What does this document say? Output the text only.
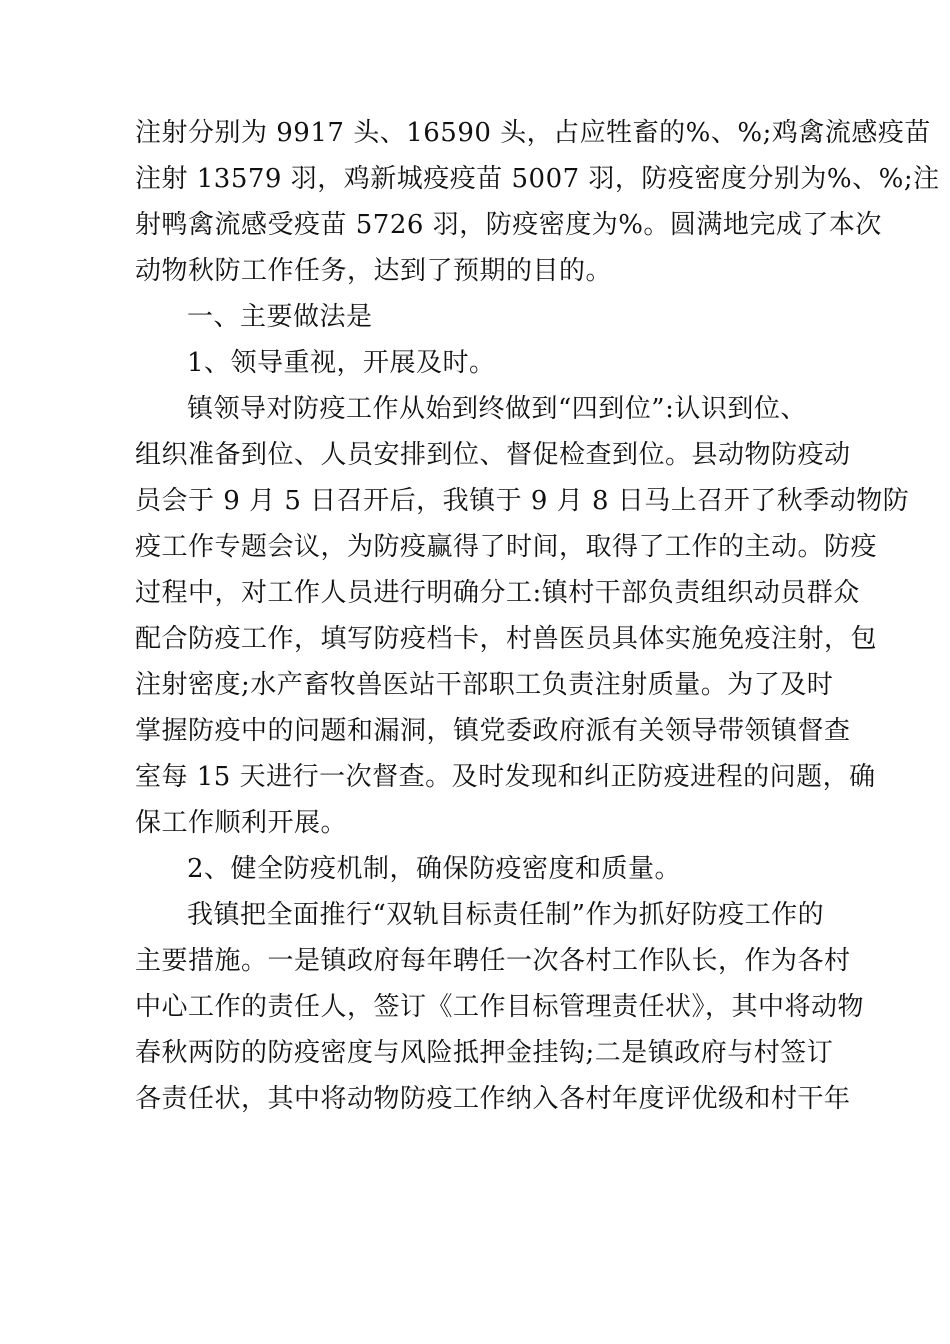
注射分别为 9917 头、16590 头，占应牲畜的%、%;鸡禽流感疫苗
注射 13579 羽，鸡新城疫疫苗 5007 羽，防疫密度分别为%、%;注
射鸭禽流感受疫苗 5726 羽，防疫密度为%。圆满地完成了本次
动物秋防工作任务，达到了预期的目的。
一、主要做法是
1、领导重视，开展及时。
镇领导对防疫工作从始到终做到“四到位”:认识到位、
组织准备到位、人员安排到位、督促检查到位。县动物防疫动
员会于 9 月 5 日召开后，我镇于 9 月 8 日马上召开了秋季动物防
疫工作专题会议，为防疫赢得了时间，取得了工作的主动。防疫
过程中，对工作人员进行明确分工:镇村干部负责组织动员群众
配合防疫工作，填写防疫档卡，村兽医员具体实施免疫注射，包
注射密度;水产畜牧兽医站干部职工负责注射质量。为了及时
掌握防疫中的问题和漏洞，镇党委政府派有关领导带领镇督查
室每 15 天进行一次督查。及时发现和纠正防疫进程的问题，确
保工作顺利开展。
2、健全防疫机制，确保防疫密度和质量。
我镇把全面推行“双轨目标责任制”作为抓好防疫工作的
主要措施。一是镇政府每年聘任一次各村工作队长，作为各村
中心工作的责任人，签订《工作目标管理责任状》，其中将动物
春秋两防的防疫密度与风险抵押金挂钩;二是镇政府与村签订
各责任状，其中将动物防疫工作纳入各村年度评优级和村干年
